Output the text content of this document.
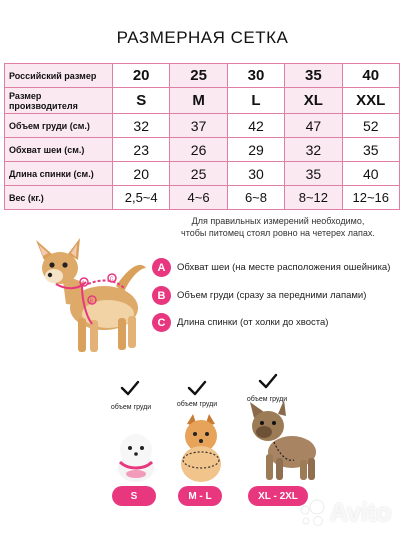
РАЗМЕРНАЯ СЕТКА
Российский размер	20	25	30	35	40
Размер производителя	S	M	L	XL	XXL
Объем груди (см.)	32	37	42	47	52
Обхват шеи (см.)	23	26	29	32	35
Длина спинки (см.)	20	25	30	35	40
Вес (кг.)	2,5~4	4~6	6~8	8~12	12~16
Для правильных измерений необходимо, чтобы питомец стоял ровно на четерех лапах.
A
B
C
A	Обхват шеи (на месте расположения ошейника)
B	Объем груди (сразу за передними лапами)
C	Длина спинки (от холки до хвоста)
объем груди	объем груди
объем груди
S	M - L	XL - 2XL
Avito
